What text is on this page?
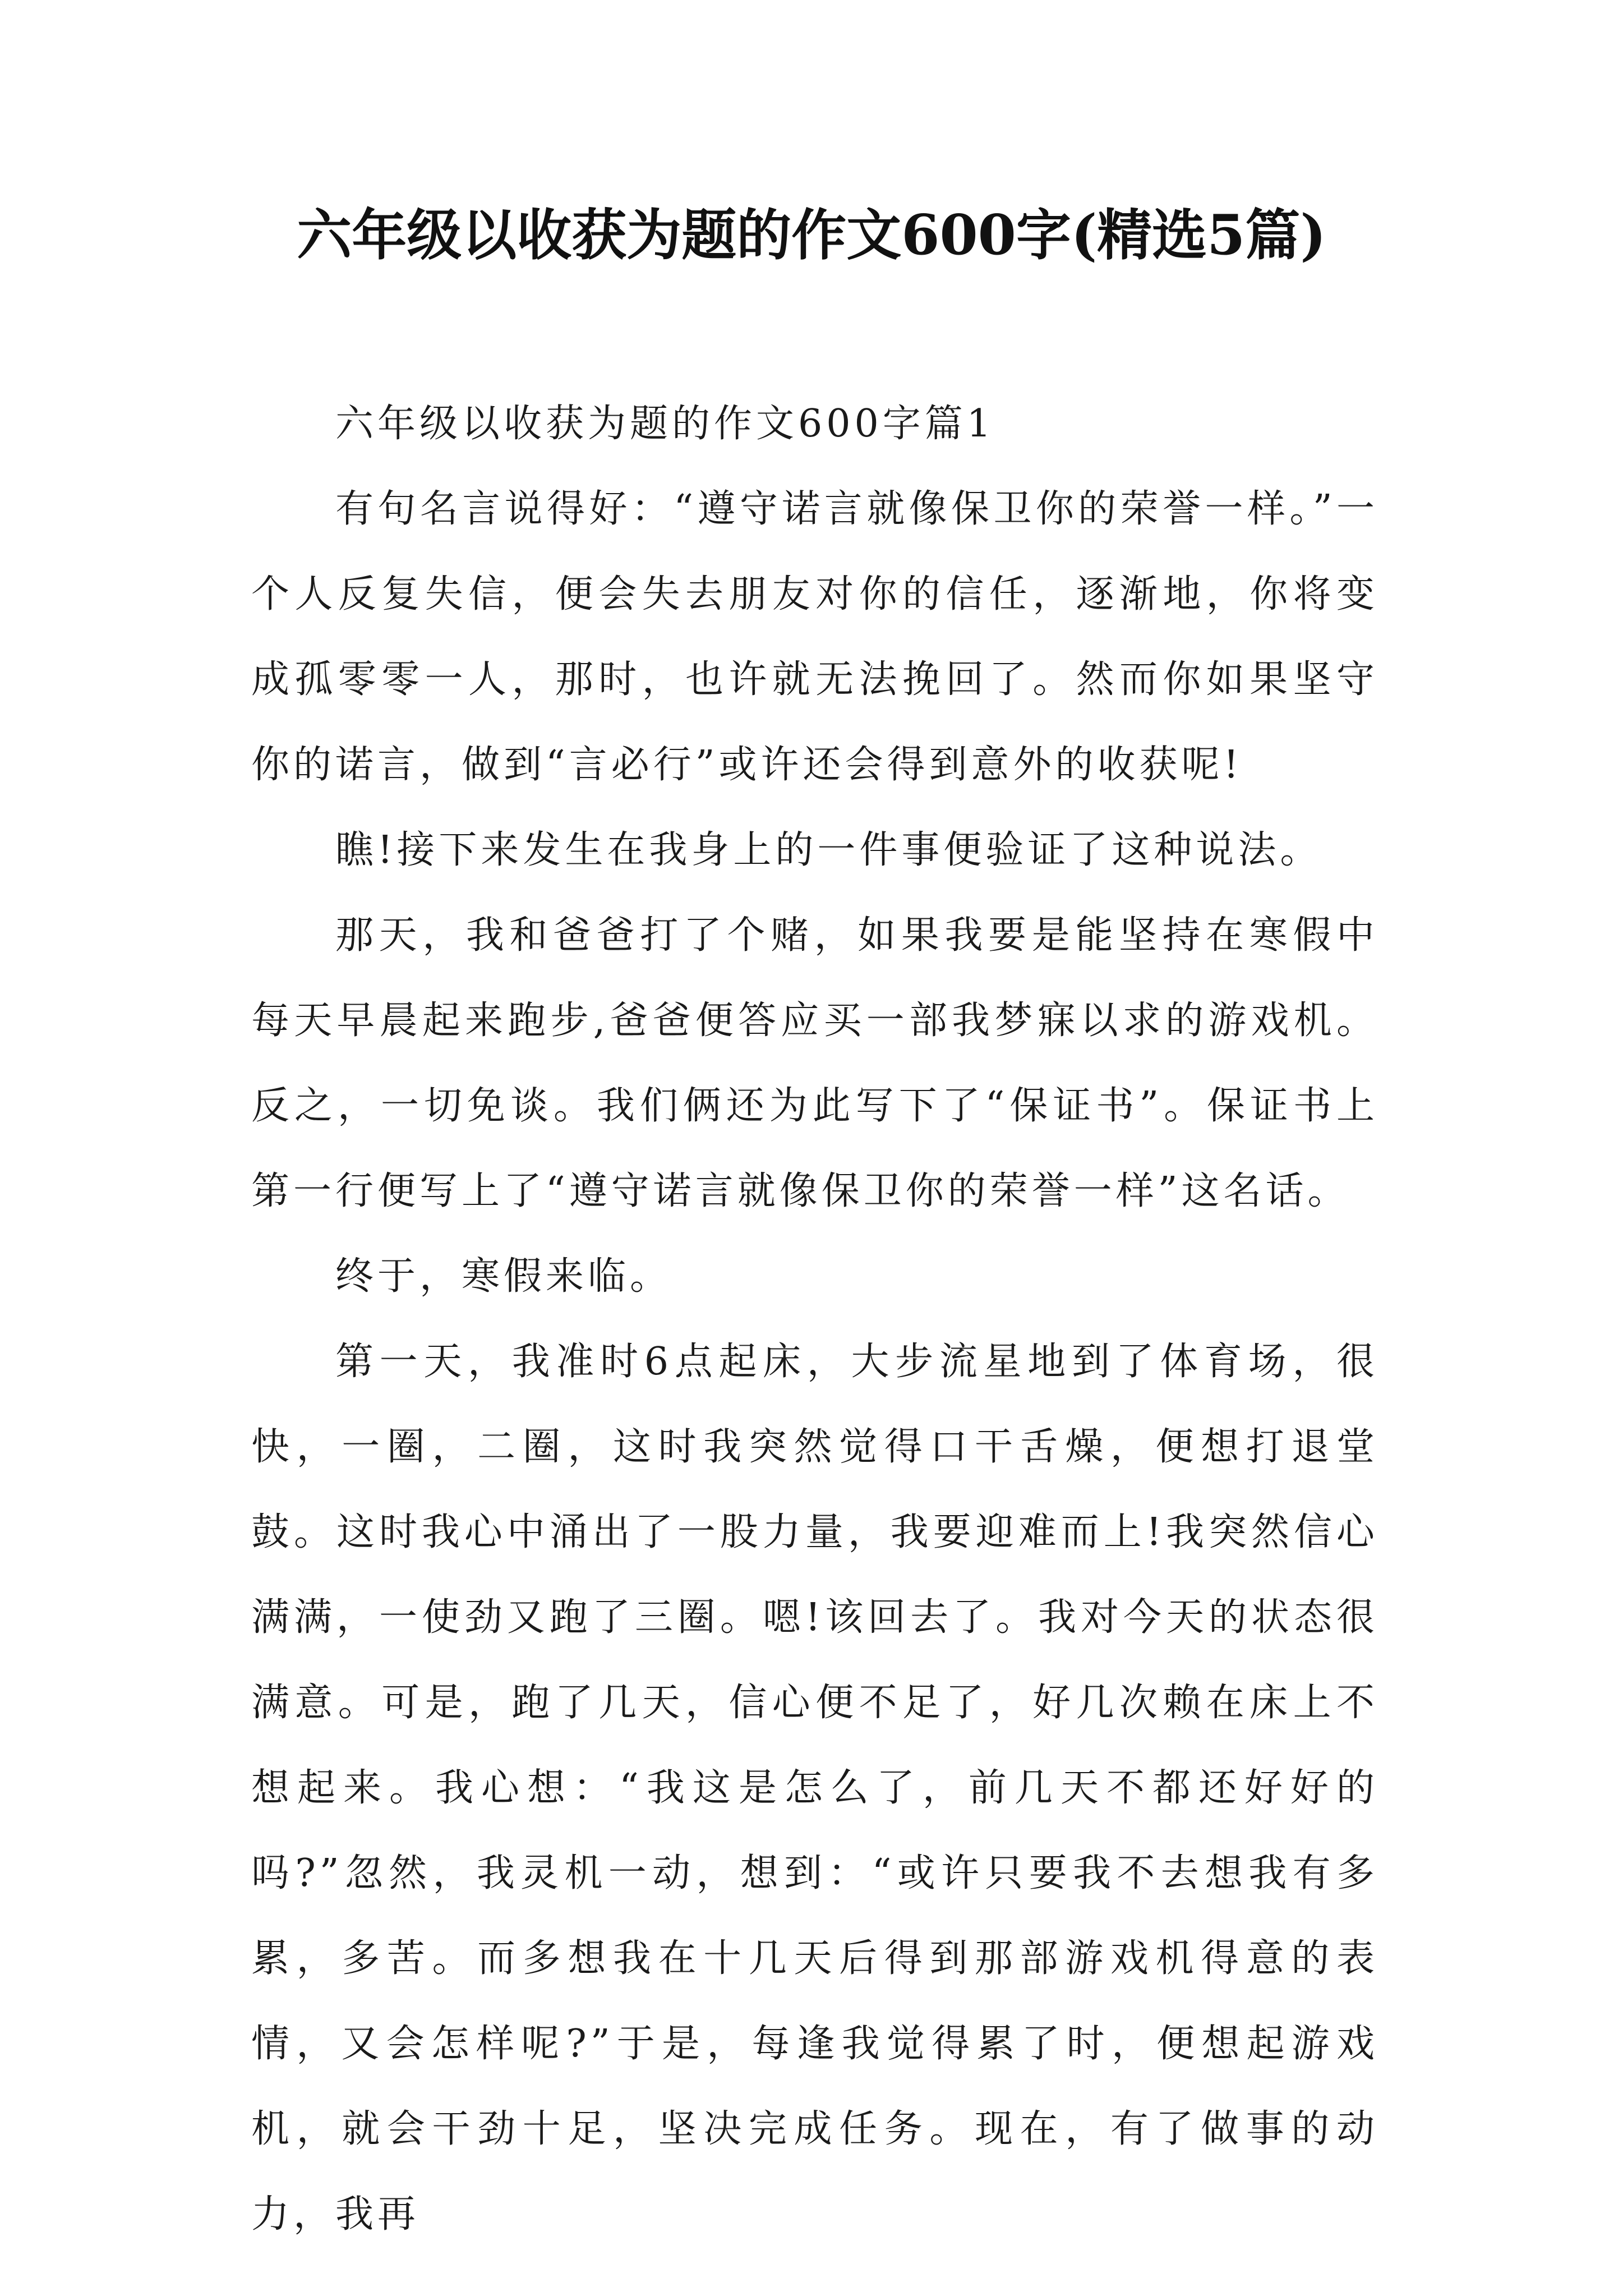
六年级以收获为题的作文600字(精选5篇)

六年级以收获为题的作文600字篇1

有句名言说得好：“遵守诺言就像保卫你的荣誉一样。”一个人反复失信，便会失去朋友对你的信任，逐渐地，你将变成孤零零一人，那时，也许就无法挽回了。然而你如果坚守你的诺言，做到“言必行”或许还会得到意外的收获呢!

瞧!接下来发生在我身上的一件事便验证了这种说法。

那天，我和爸爸打了个赌，如果我要是能坚持在寒假中每天早晨起来跑步,爸爸便答应买一部我梦寐以求的游戏机。反之，一切免谈。我们俩还为此写下了“保证书”。保证书上第一行便写上了“遵守诺言就像保卫你的荣誉一样”这名话。

终于，寒假来临。

第一天，我准时6点起床，大步流星地到了体育场，很快，一圈，二圈，这时我突然觉得口干舌燥，便想打退堂鼓。这时我心中涌出了一股力量，我要迎难而上!我突然信心满满，一使劲又跑了三圈。嗯!该回去了。我对今天的状态很满意。可是，跑了几天，信心便不足了，好几次赖在床上不想起来。我心想：“我这是怎么了，前几天不都还好好的吗?”忽然，我灵机一动，想到：“或许只要我不去想我有多累，多苦。而多想我在十几天后得到那部游戏机得意的表情，又会怎样呢?”于是，每逢我觉得累了时，便想起游戏机，就会干劲十足，坚决完成任务。现在，有了做事的动力，我再
